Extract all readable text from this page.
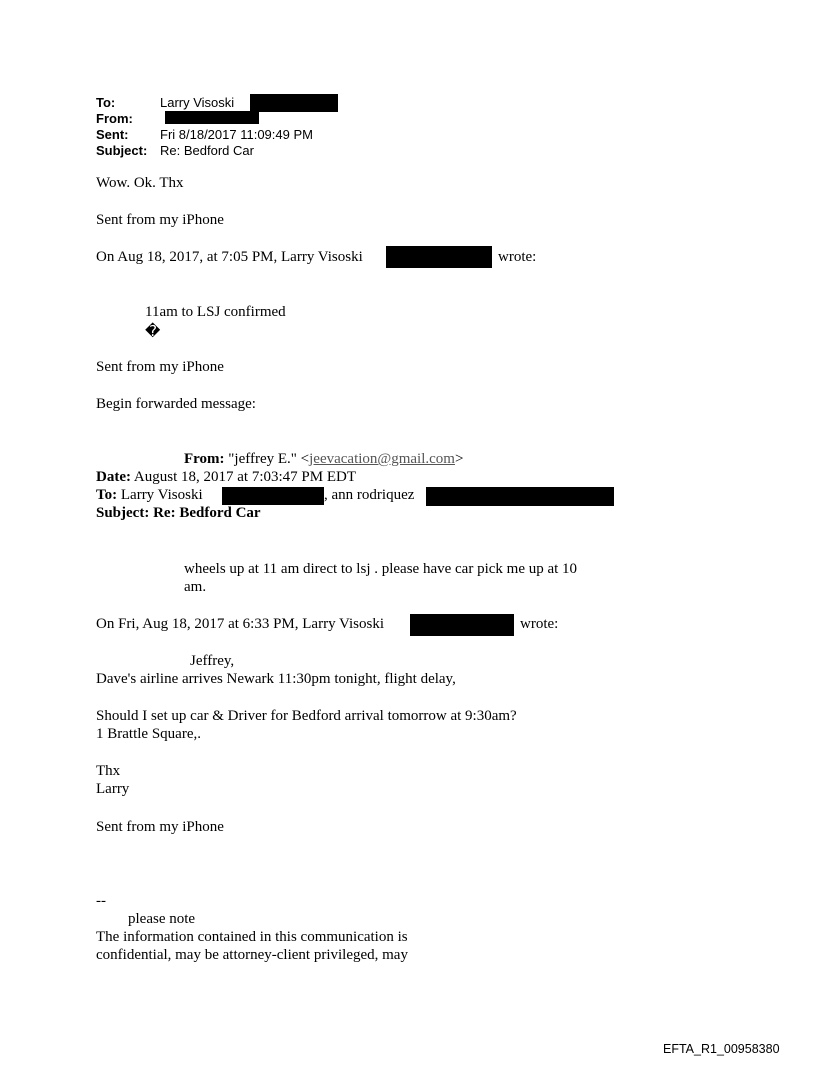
To:	Larry Visoski
From:
Sent: Fri 8/18/2017 11:09:49 PM
Subject: Re: Bedford Car
Wow. Ok. Thx
Sent from my iPhone
On Aug 18, 2017, at 7:05 PM, Larry Visoski	wrote:
11am to LSJ confirmed
�
Sent from my iPhone
Begin forwarded message:
From: "jeffrey E." <jeevacation@gmail.com>
Date: August 18, 2017 at 7:03:47 PM EDT
To: Larry Visoski	, ann rodriquez
Subject: Re: Bedford Car
wheels up at 11 am direct to lsj . please have car pick me up at 10
am.
On Fri, Aug 18, 2017 at 6:33 PM, Larry Visoski	wrote:
Jeffrey,
Dave's airline arrives Newark 11:30pm tonight, flight delay,
Should I set up car & Driver for Bedford arrival tomorrow at 9:30am?
1 Brattle Square,.
Thx
Larry
Sent from my iPhone
--
please note
The information contained in this communication is
confidential, may be attorney-client privileged, may
EFTA_R1_00958380
